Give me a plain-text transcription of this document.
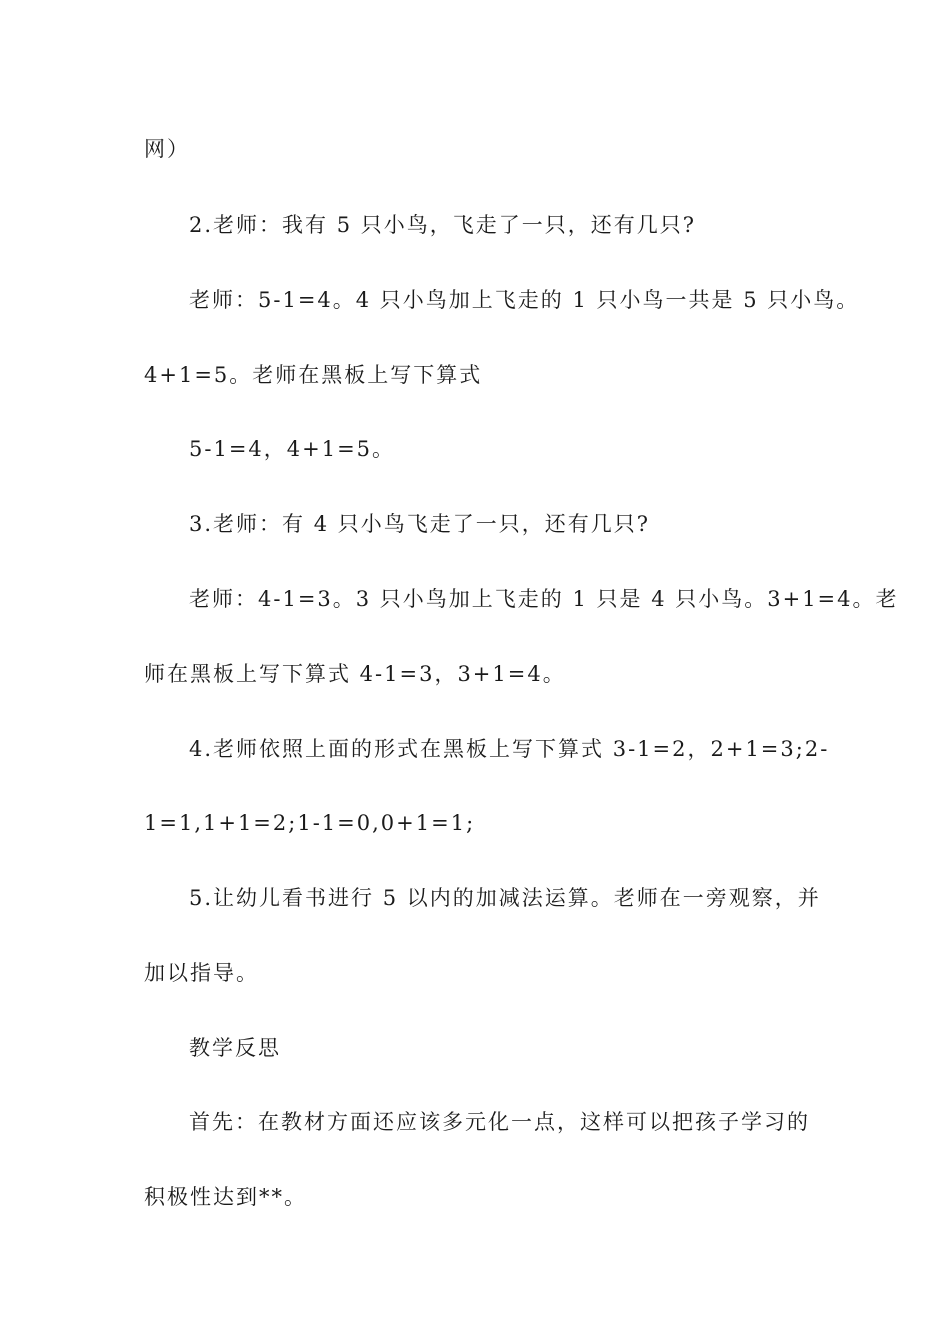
网）

2.老师：我有 5 只小鸟，飞走了一只，还有几只?

老师：5-1=4。4 只小鸟加上飞走的 1 只小鸟一共是 5 只小鸟。

4+1=5。老师在黑板上写下算式

5-1=4，4+1=5。

3.老师：有 4 只小鸟飞走了一只，还有几只?

老师：4-1=3。3 只小鸟加上飞走的 1 只是 4 只小鸟。3+1=4。老

师在黑板上写下算式 4-1=3，3+1=4。

4.老师依照上面的形式在黑板上写下算式 3-1=2，2+1=3;2-

1=1,1+1=2;1-1=0,0+1=1;

5.让幼儿看书进行 5 以内的加减法运算。老师在一旁观察，并

加以指导。

教学反思

首先：在教材方面还应该多元化一点，这样可以把孩子学习的

积极性达到**。
